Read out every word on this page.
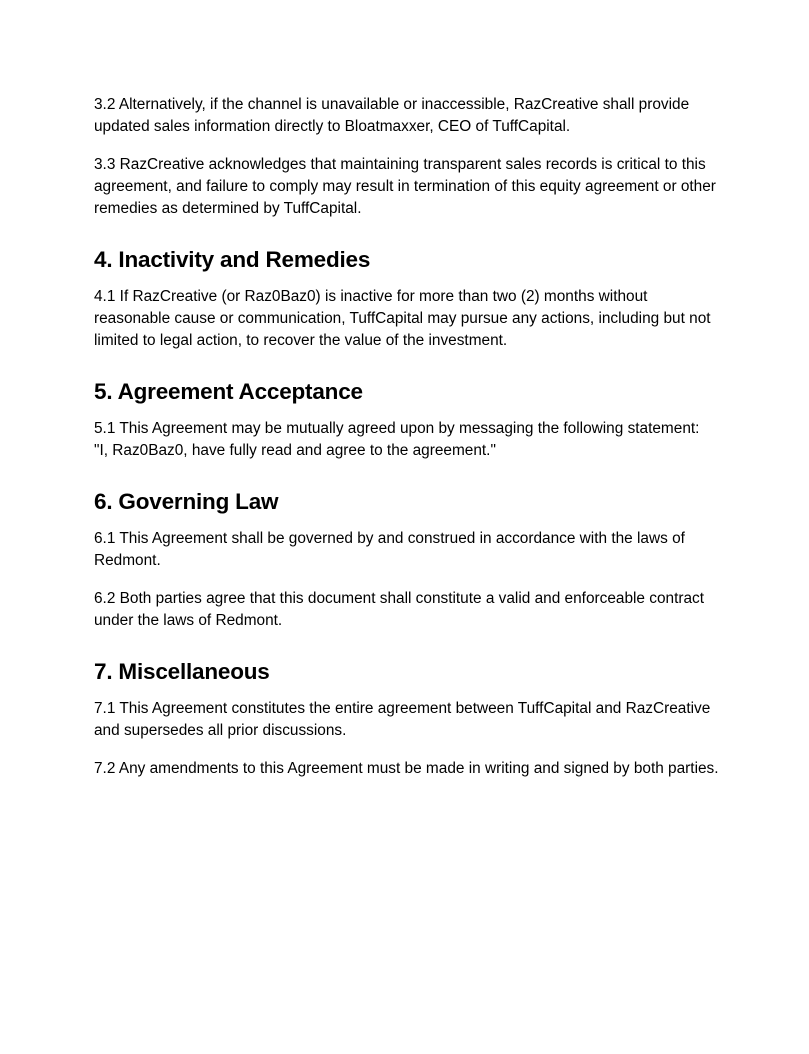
3.2 Alternatively, if the channel is unavailable or inaccessible, RazCreative shall provide updated sales information directly to Bloatmaxxer, CEO of TuffCapital.

3.3 RazCreative acknowledges that maintaining transparent sales records is critical to this agreement, and failure to comply may result in termination of this equity agreement or other remedies as determined by TuffCapital.

4. Inactivity and Remedies

4.1 If RazCreative (or Raz0Baz0) is inactive for more than two (2) months without reasonable cause or communication, TuffCapital may pursue any actions, including but not limited to legal action, to recover the value of the investment.

5. Agreement Acceptance

5.1 This Agreement may be mutually agreed upon by messaging the following statement:
"I, Raz0Baz0, have fully read and agree to the agreement."

6. Governing Law

6.1 This Agreement shall be governed by and construed in accordance with the laws of Redmont.

6.2 Both parties agree that this document shall constitute a valid and enforceable contract under the laws of Redmont.

7. Miscellaneous

7.1 This Agreement constitutes the entire agreement between TuffCapital and RazCreative and supersedes all prior discussions.

7.2 Any amendments to this Agreement must be made in writing and signed by both parties.
